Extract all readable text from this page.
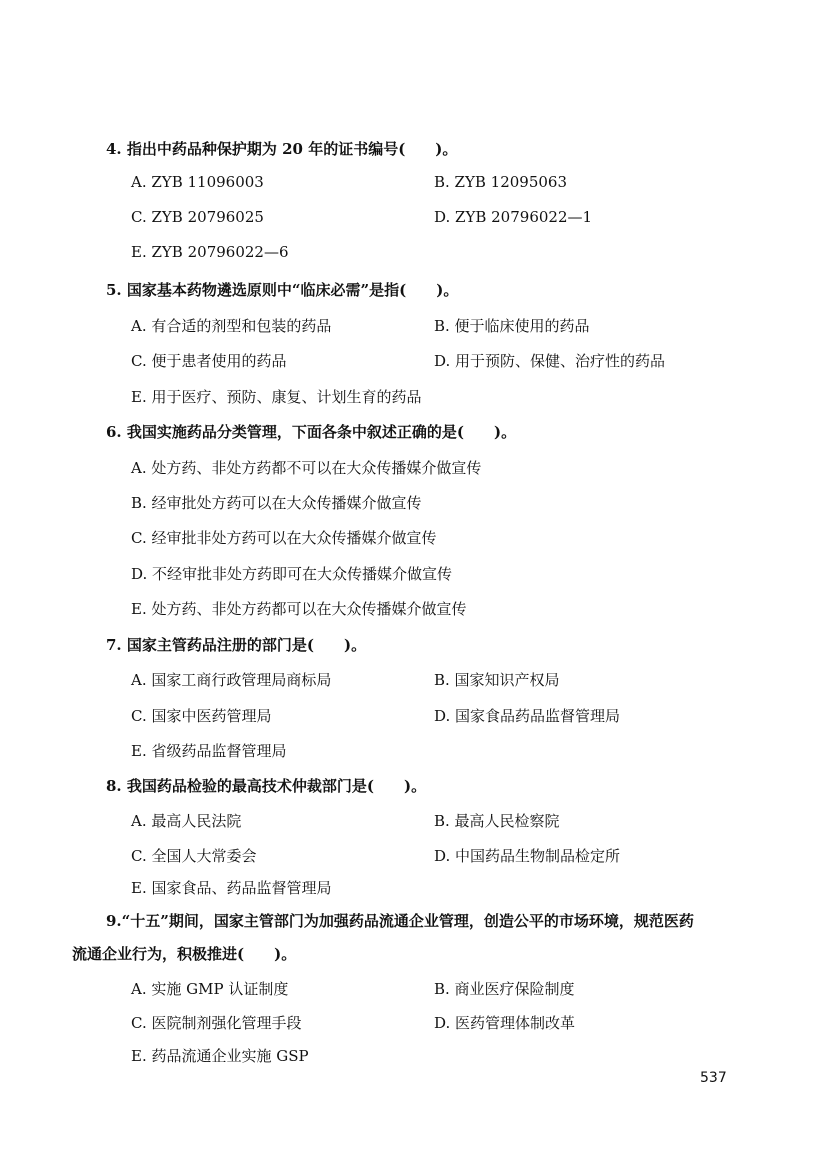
4. 指出中药品种保护期为 20 年的证书编号(　　)。
A. ZYB 11096003	B. ZYB 12095063
C. ZYB 20796025	D. ZYB 20796022—1
E. ZYB 20796022—6
5. 国家基本药物遴选原则中“临床必需”是指(　　)。
A. 有合适的剂型和包装的药品	B. 便于临床使用的药品
C. 便于患者使用的药品	D. 用于预防、保健、治疗性的药品
E. 用于医疗、预防、康复、计划生育的药品
6. 我国实施药品分类管理，下面各条中叙述正确的是(　　)。
A. 处方药、非处方药都不可以在大众传播媒介做宣传
B. 经审批处方药可以在大众传播媒介做宣传
C. 经审批非处方药可以在大众传播媒介做宣传
D. 不经审批非处方药即可在大众传播媒介做宣传
E. 处方药、非处方药都可以在大众传播媒介做宣传
7. 国家主管药品注册的部门是(　　)。
A. 国家工商行政管理局商标局	B. 国家知识产权局
C. 国家中医药管理局	D. 国家食品药品监督管理局
E. 省级药品监督管理局
8. 我国药品检验的最高技术仲裁部门是(　　)。
A. 最高人民法院	B. 最高人民检察院
C. 全国人大常委会	D. 中国药品生物制品检定所
E. 国家食品、药品监督管理局
9.“十五”期间，国家主管部门为加强药品流通企业管理，创造公平的市场环境，规范医药
流通企业行为，积极推进(　　)。
A. 实施 GMP 认证制度	B. 商业医疗保险制度
C. 医院制剂强化管理手段	D. 医药管理体制改革
E. 药品流通企业实施 GSP
537
